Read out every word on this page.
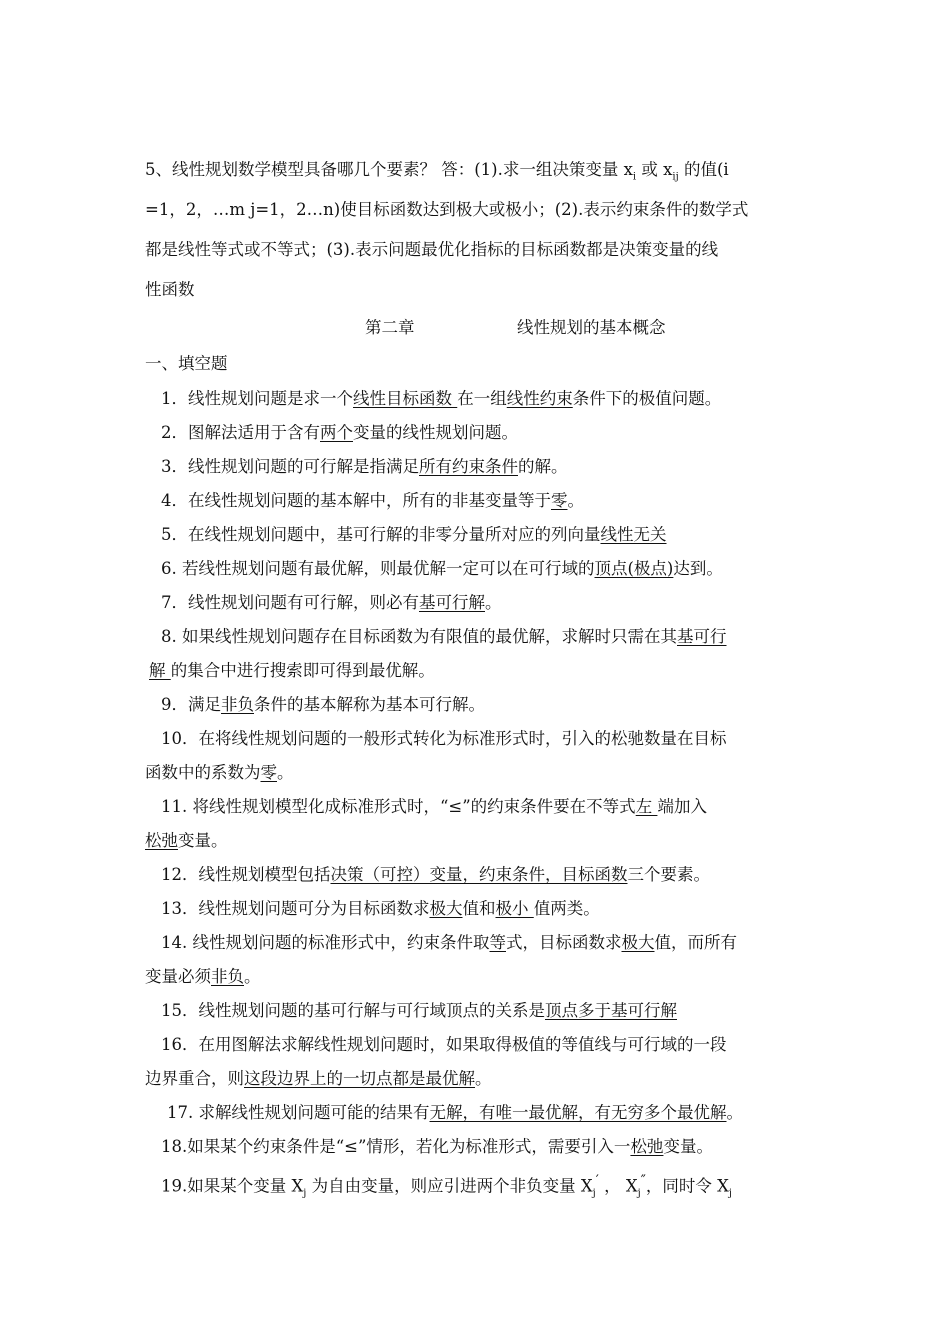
5、线性规划数学模型具备哪几个要素？ 答：(1).求一组决策变量 $x_i$ 或 $x_{ij}$ 的值(i
=1，2，…m j=1，2…n)使目标函数达到极大或极小；(2).表示约束条件的数学式
都是线性等式或不等式；(3).表示问题最优化指标的目标函数都是决策变量的线
性函数
第二章	线性规划的基本概念
一、填空题
1．线性规划问题是求一个线性目标函数 在一组线性约束条件下的极值问题。
2．图解法适用于含有两个变量的线性规划问题。
3．线性规划问题的可行解是指满足所有约束条件的解。
4．在线性规划问题的基本解中，所有的非基变量等于零。
5．在线性规划问题中，基可行解的非零分量所对应的列向量线性无关
6. 若线性规划问题有最优解，则最优解一定可以在可行域的顶点(极点)达到。
7．线性规划问题有可行解，则必有基可行解。
8. 如果线性规划问题存在目标函数为有限值的最优解，求解时只需在其基可行
解 的集合中进行搜索即可得到最优解。
9．满足非负条件的基本解称为基本可行解。
10．在将线性规划问题的一般形式转化为标准形式时，引入的松驰数量在目标
函数中的系数为零。
11. 将线性规划模型化成标准形式时，“≤”的约束条件要在不等式左 端加入
松弛变量。
12．线性规划模型包括决策（可控）变量，约束条件，目标函数三个要素。
13．线性规划问题可分为目标函数求极大值和极小 值两类。
14. 线性规划问题的标准形式中，约束条件取等式，目标函数求极大值，而所有
变量必须非负。
15．线性规划问题的基可行解与可行域顶点的关系是顶点多于基可行解
16．在用图解法求解线性规划问题时，如果取得极值的等值线与可行域的一段
边界重合，则这段边界上的一切点都是最优解。
17. 求解线性规划问题可能的结果有无解，有唯一最优解，有无穷多个最优解。
18.如果某个约束条件是“≤”情形，若化为标准形式，需要引入一松弛变量。
19.如果某个变量 $X_j$ 为自由变量，则应引进两个非负变量 $X_j'$ ， $X_j''$，同时令 $X_j$
